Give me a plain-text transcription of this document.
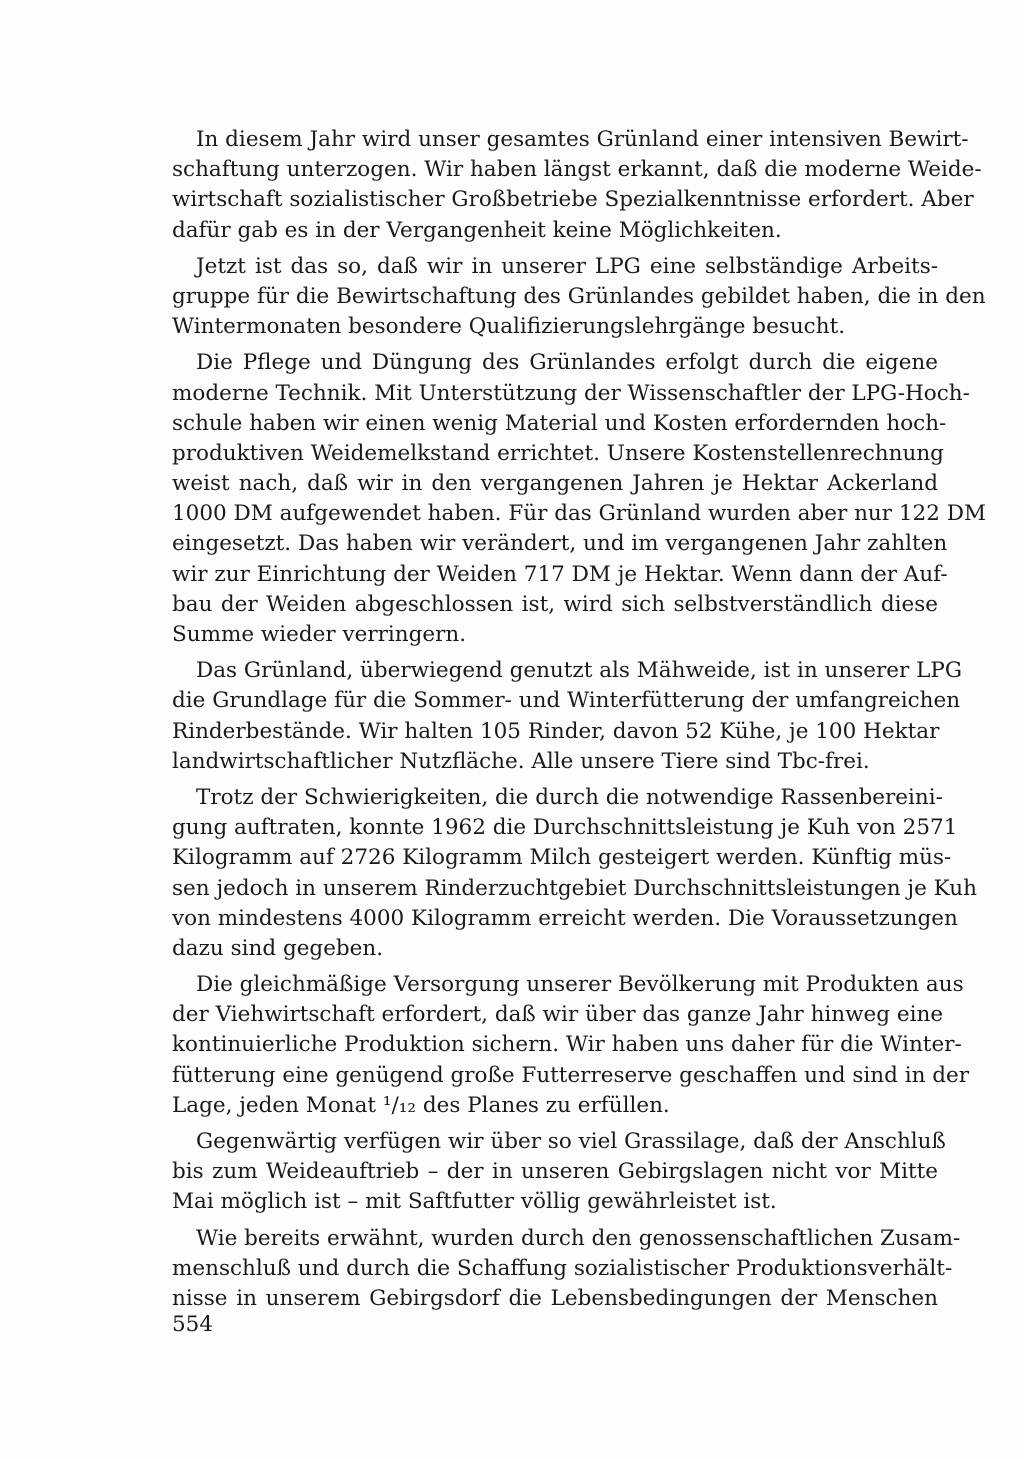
In diesem Jahr wird unser gesamtes Grünland einer intensiven Bewirt-
schaftung unterzogen. Wir haben längst erkannt, daß die moderne Weide-
wirtschaft sozialistischer Großbetriebe Spezialkenntnisse erfordert. Aber
dafür gab es in der Vergangenheit keine Möglichkeiten.
Jetzt ist das so, daß wir in unserer LPG eine selbständige Arbeits-
gruppe für die Bewirtschaftung des Grünlandes gebildet haben, die in den
Wintermonaten besondere Qualifizierungslehrgänge besucht.
Die Pflege und Düngung des Grünlandes erfolgt durch die eigene
moderne Technik. Mit Unterstützung der Wissenschaftler der LPG-Hoch-
schule haben wir einen wenig Material und Kosten erfordernden hoch-
produktiven Weidemelkstand errichtet. Unsere Kostenstellenrechnung
weist nach, daß wir in den vergangenen Jahren je Hektar Ackerland
1000 DM aufgewendet haben. Für das Grünland wurden aber nur 122 DM
eingesetzt. Das haben wir verändert, und im vergangenen Jahr zahlten
wir zur Einrichtung der Weiden 717 DM je Hektar. Wenn dann der Auf-
bau der Weiden abgeschlossen ist, wird sich selbstverständlich diese
Summe wieder verringern.
Das Grünland, überwiegend genutzt als Mähweide, ist in unserer LPG
die Grundlage für die Sommer- und Winterfütterung der umfangreichen
Rinderbestände. Wir halten 105 Rinder, davon 52 Kühe, je 100 Hektar
landwirtschaftlicher Nutzfläche. Alle unsere Tiere sind Tbc-frei.
Trotz der Schwierigkeiten, die durch die notwendige Rassenbereini-
gung auftraten, konnte 1962 die Durchschnittsleistung je Kuh von 2571
Kilogramm auf 2726 Kilogramm Milch gesteigert werden. Künftig müs-
sen jedoch in unserem Rinderzuchtgebiet Durchschnittsleistungen je Kuh
von mindestens 4000 Kilogramm erreicht werden. Die Voraussetzungen
dazu sind gegeben.
Die gleichmäßige Versorgung unserer Bevölkerung mit Produkten aus
der Viehwirtschaft erfordert, daß wir über das ganze Jahr hinweg eine
kontinuierliche Produktion sichern. Wir haben uns daher für die Winter-
fütterung eine genügend große Futterreserve geschaffen und sind in der
Lage, jeden Monat ¹/₁₂ des Planes zu erfüllen.
Gegenwärtig verfügen wir über so viel Grassilage, daß der Anschluß
bis zum Weideauftrieb – der in unseren Gebirgslagen nicht vor Mitte
Mai möglich ist – mit Saftfutter völlig gewährleistet ist.
Wie bereits erwähnt, wurden durch den genossenschaftlichen Zusam-
menschluß und durch die Schaffung sozialistischer Produktionsverhält-
nisse in unserem Gebirgsdorf die Lebensbedingungen der Menschen
554
